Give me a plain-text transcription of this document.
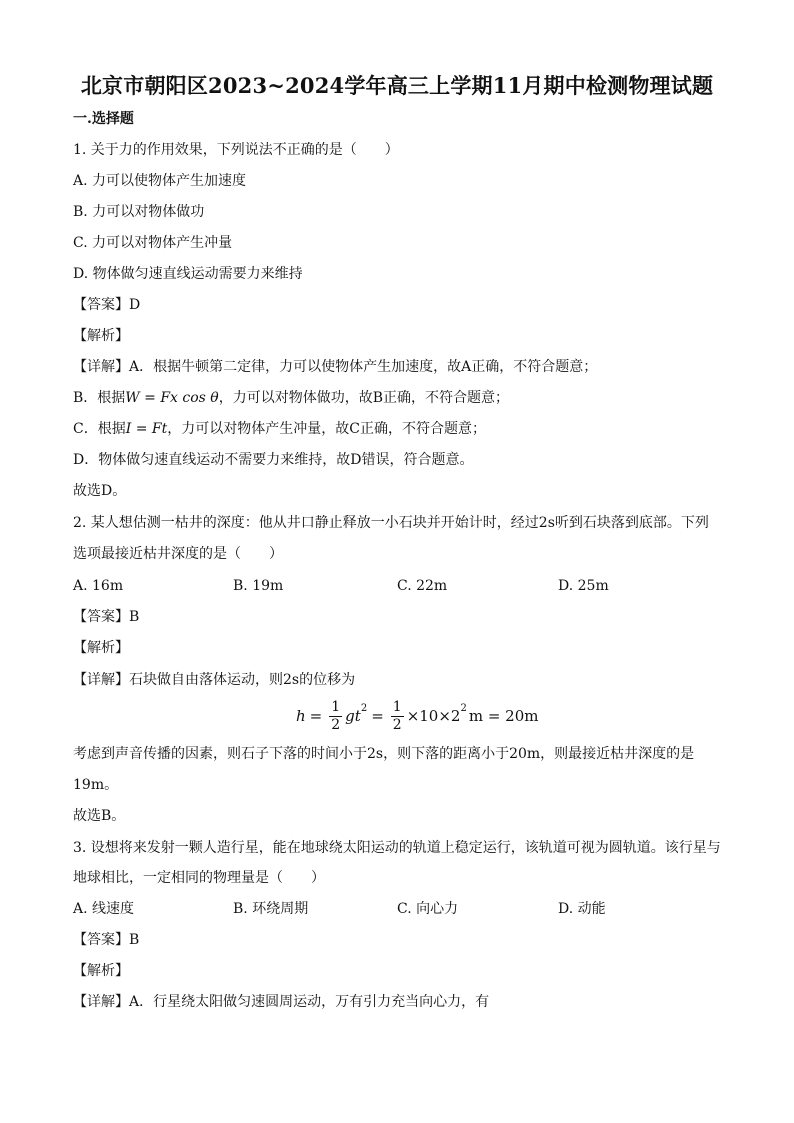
北京市朝阳区2023~2024学年高三上学期11月期中检测物理试题
一.选择题
1. 关于力的作用效果，下列说法不正确的是（　　）
A. 力可以使物体产生加速度
B. 力可以对物体做功
C. 力可以对物体产生冲量
D. 物体做匀速直线运动需要力来维持
【答案】D
【解析】
【详解】A．根据牛顿第二定律，力可以使物体产生加速度，故A正确，不符合题意；
B．根据W = Fx cos θ，力可以对物体做功，故B正确，不符合题意；
C．根据I = Ft，力可以对物体产生冲量，故C正确，不符合题意；
D．物体做匀速直线运动不需要力来维持，故D错误，符合题意。
故选D。
2. 某人想估测一枯井的深度：他从井口静止释放一小石块并开始计时，经过2s听到石块落到底部。下列
选项最接近枯井深度的是（　　）
A. 16m	B. 19m	C. 22m	D. 25m
【答案】B
【解析】
【详解】石块做自由落体运动，则2s的位移为
$h = \frac{1}{2} gt^2 = \frac{1}{2} \times 10\times 2^2$ m = 20m
考虑到声音传播的因素，则石子下落的时间小于2s，则下落的距离小于20m，则最接近枯井深度的是
19m。
故选B。
3. 设想将来发射一颗人造行星，能在地球绕太阳运动的轨道上稳定运行，该轨道可视为圆轨道。该行星与
地球相比，一定相同的物理量是（　　）
A. 线速度	B. 环绕周期	C. 向心力	D. 动能
【答案】B
【解析】
【详解】A．行星绕太阳做匀速圆周运动，万有引力充当向心力，有
